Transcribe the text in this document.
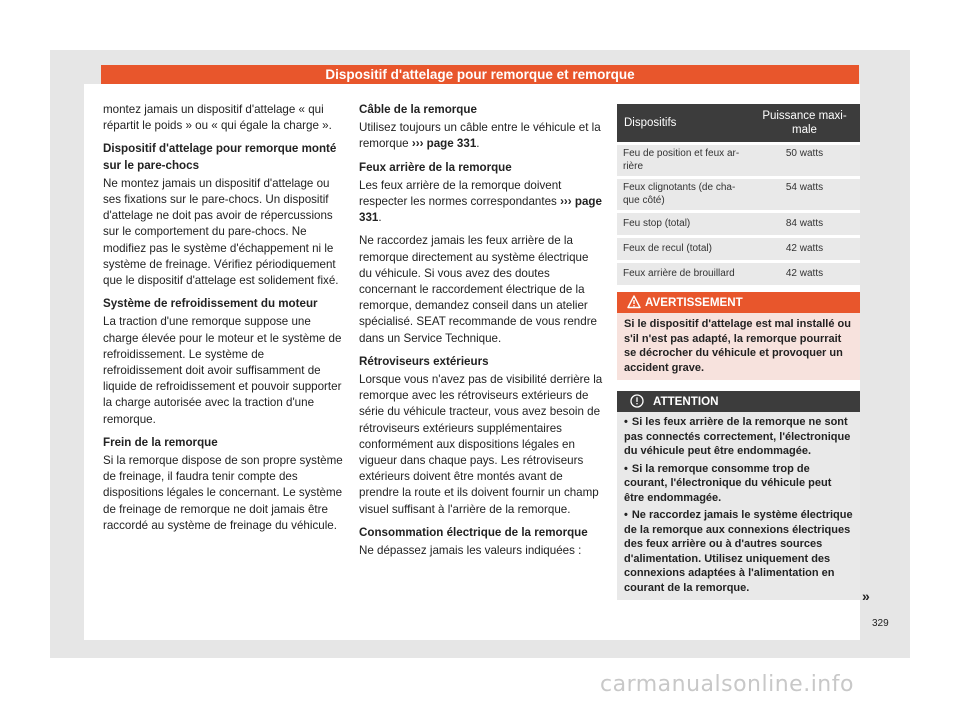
Dispositif d'attelage pour remorque et remorque

montez jamais un dispositif d'attelage « qui répartit le poids » ou « qui égale la charge ».

Dispositif d'attelage pour remorque monté sur le pare-chocs

Ne montez jamais un dispositif d'attelage ou ses fixations sur le pare-chocs. Un dispositif d'attelage ne doit pas avoir de répercussions sur le comportement du pare-chocs. Ne modifiez pas le système d'échappement ni le système de freinage. Vérifiez périodiquement que le dispositif d'attelage est solidement fixé.

Système de refroidissement du moteur

La traction d'une remorque suppose une charge élevée pour le moteur et le système de refroidissement. Le système de refroidissement doit avoir suffisamment de liquide de refroidissement et pouvoir supporter la charge autorisée avec la traction d'une remorque.

Frein de la remorque

Si la remorque dispose de son propre système de freinage, il faudra tenir compte des dispositions légales le concernant. Le système de freinage de remorque ne doit jamais être raccordé au système de freinage du véhicule.

Câble de la remorque

Utilisez toujours un câble entre le véhicule et la remorque ››› page 331.

Feux arrière de la remorque

Les feux arrière de la remorque doivent respecter les normes correspondantes ››› page 331.

Ne raccordez jamais les feux arrière de la remorque directement au système électrique du véhicule. Si vous avez des doutes concernant le raccordement électrique de la remorque, demandez conseil dans un atelier spécialisé. SEAT recommande de vous rendre dans un Service Technique.

Rétroviseurs extérieurs

Lorsque vous n'avez pas de visibilité derrière la remorque avec les rétroviseurs extérieurs de série du véhicule tracteur, vous avez besoin de rétroviseurs extérieurs supplémentaires conformément aux dispositions légales en vigueur dans chaque pays. Les rétroviseurs extérieurs doivent être montés avant de prendre la route et ils doivent fournir un champ visuel suffisant à l'arrière de la remorque.

Consommation électrique de la remorque

Ne dépassez jamais les valeurs indiquées :

Dispositifs	Puissance maxi-male
Feu de position et feux ar-rière	50 watts
Feux clignotants (de cha-que côté)	54 watts
Feu stop (total)	84 watts
Feux de recul (total)	42 watts
Feux arrière de brouillard	42 watts
AVERTISSEMENT
Si le dispositif d'attelage est mal installé ou s'il n'est pas adapté, la remorque pourrait se décrocher du véhicule et provoquer un accident grave.
ATTENTION
• Si les feux arrière de la remorque ne sont pas connectés correctement, l'électronique du véhicule peut être endommagée.
• Si la remorque consomme trop de courant, l'électronique du véhicule peut être endommagée.
• Ne raccordez jamais le système électrique de la remorque aux connexions électriques des feux arrière ou à d'autres sources d'alimentation. Utilisez uniquement des connexions adaptées à l'alimentation en courant de la remorque.
»
329
carmanualsonline.info
